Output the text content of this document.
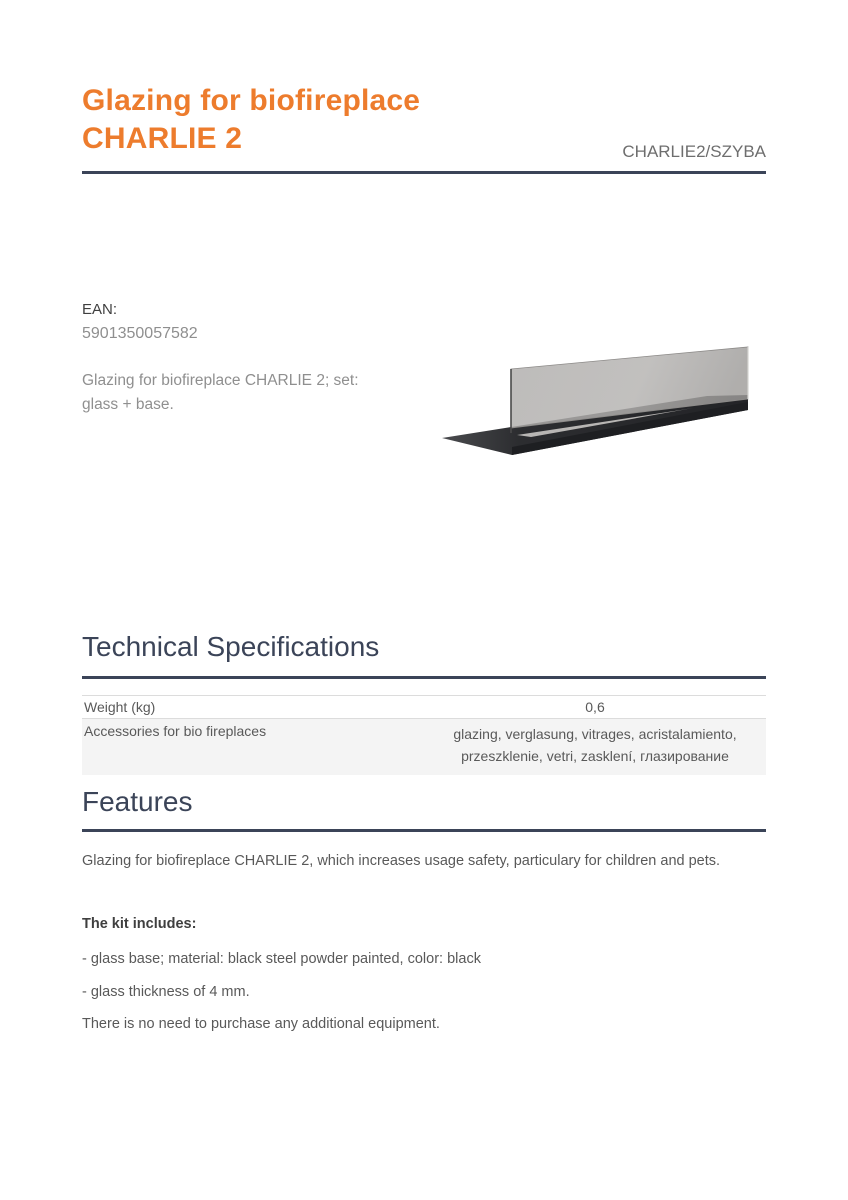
Glazing for biofireplace
CHARLIE 2	CHARLIE2/SZYBA
EAN:
5901350057582
Glazing for biofireplace CHARLIE 2; set:
glass + base.
Technical Specifications
Weight (kg)	0,6
Accessories for bio fireplaces	glazing, verglasung, vitrages, acristalamiento, przeszklenie, vetri, zasklení, глазирование
Features
Glazing for biofireplace CHARLIE 2, which increases usage safety, particulary for children and pets.
The kit includes:
- glass base; material: black steel powder painted, color: black
- glass thickness of 4 mm.
There is no need to purchase any additional equipment.
